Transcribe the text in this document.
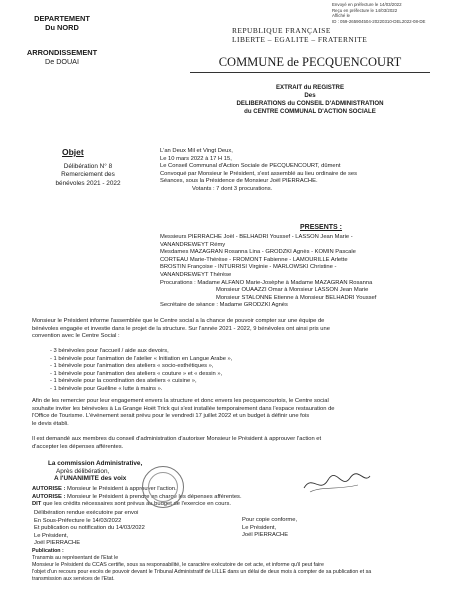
Envoyé en préfecture le 14/03/2022
Reçu en préfecture le 14/03/2022
Affiché le
ID : 059-265904504-20220310-DEL2022-08-DE
DEPARTEMENT
Du NORD
ARRONDISSEMENT
De DOUAI
REPUBLIQUE FRANÇAISE
LIBERTE – EGALITE – FRATERNITE
COMMUNE de PECQUENCOURT
EXTRAIT du REGISTRE
Des
DELIBERATIONS du CONSEIL D'ADMINISTRATION
du CENTRE COMMUNAL D'ACTION SOCIALE
Objet
Délibération N° 8
Remerciement des
bénévoles 2021 - 2022
L'an Deux Mil et Vingt Deux,
Le 10 mars 2022 à 17 H 15,
Le Conseil Communal d'Action Sociale de PECQUENCOURT, dûment
Convoqué par Monsieur le Président, s'est assemblé au lieu ordinaire de ses
Séances, sous la Présidence de Monsieur Joël PIERRACHE.
Votants : 7 dont 3 procurations.
PRESENTS :
Messieurs PIERRACHE Joël - BELHADRI Youssef - LASSON Jean Marie -
VANANDREWEYT Rémy
Mesdames MAZAGRAN Rosanna Lina - GRODZKI Agnès - KOMIN Pascale
CORTEAU Marie-Thérèse - FROMONT Fabienne - LAMOURILLE Arlette
BROSTIN Françoise - INTURRISI Virginie - MARLOWSKI Christine -
VANANDREWEYT Thérèse
Procurations : Madame ALFANO Marie-Josèphe à Madame MAZAGRAN Rosanna
Monsieur OUAAZZI Omar à Monsieur LASSON Jean Marie
Monsieur STALONNE Etienne à Monsieur BELHADRI Youssef
Secrétaire de séance : Madame GRODZKI Agnès
Monsieur le Président informe l'assemblée que le Centre social a la chance de pouvoir compter sur une équipe de
bénévoles engagée et investie dans le projet de la structure. Sur l'année 2021 - 2022, 9 bénévoles ont ainsi pris une
convention avec le Centre Social :
- 3 bénévoles pour l'accueil / aide aux devoirs,
- 1 bénévole pour l'animation de l'atelier « Initiation en Langue Arabe »,
- 1 bénévole pour l'animation des ateliers « socio-esthétiques »,
- 1 bénévole pour l'animation des ateliers « couture » et « dessin »,
- 1 bénévole pour la coordination des ateliers « cuisine »,
- 1 bénévole pour Guéline « lutte à mains ».
Afin de les remercier pour leur engagement envers la structure et donc envers les pecquencourtois, le Centre social
souhaite inviter les bénévoles à La Grange Hoët Trick qui s'est installée temporairement dans l'espace restauration de
l'Office de Tourisme. L'événement serait prévu pour le vendredi 17 juillet 2022 et un budget à définir une fois
le devis établi.
Il est demandé aux membres du conseil d'administration d'autoriser Monsieur le Président à approuver l'action et
d'accepter les dépenses afférentes.
La commission Administrative,
Après délibération,
A l'UNANIMITE des voix
AUTORISE : Monsieur le Président à approuver l'action.
AUTORISE : Monsieur le Président à prendre en charge les dépenses afférentes.
DIT que les crédits nécessaires sont prévus au budget de l'exercice en cours.
Délibération rendue exécutoire par envoi
En Sous-Préfecture le 14/03/2022
Et publication ou notification du 14/03/2022
Le Président,
Joël PIERRACHE
Pour copie conforme,
Le Président,
Joël PIERRACHE
Publication :
Transmis au représentant de l'Etat le
Monsieur le Président du CCAS certifie, sous sa responsabilité, le caractère exécutoire de cet acte, et informe qu'il peut faire
l'objet d'un recours pour excès de pouvoir devant le Tribunal Administratif de LILLE dans un délai de deux mois à compter de sa publication et sa
transmission aux services de l'Etat.
